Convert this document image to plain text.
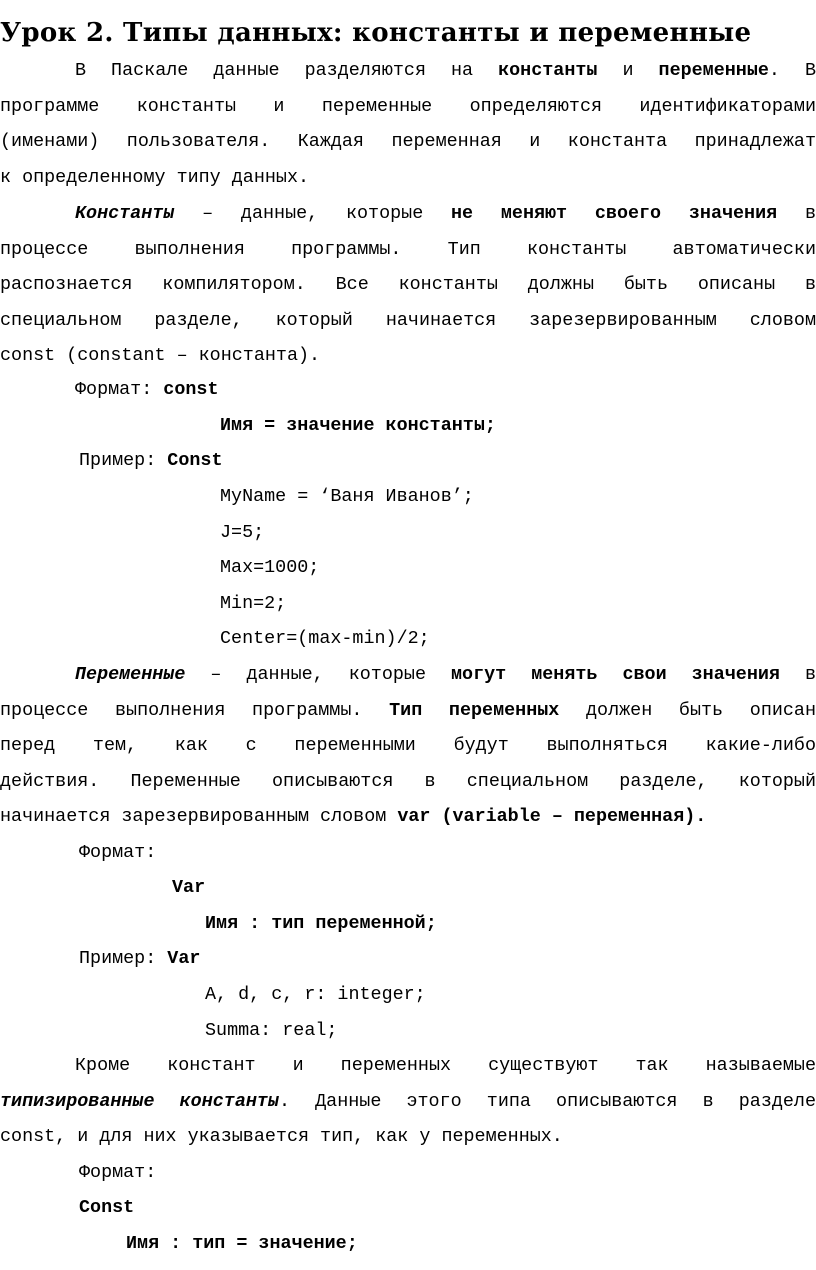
Урок 2. Типы данных: константы и переменные
В Паскале данные разделяются на константы и переменные. В
программе константы и переменные определяются идентификаторами
(именами) пользователя. Каждая переменная и константа принадлежат
к определенному типу данных.
Константы – данные, которые не меняют своего значения в
процессе выполнения программы. Тип константы автоматически
распознается компилятором. Все константы должны быть описаны в
специальном разделе, который начинается зарезервированным словом
const (constant – константа).
Формат: const
Имя = значение константы;
Пример: Const
MyName = ‘Ваня Иванов’;
J=5;
Max=1000;
Min=2;
Center=(max-min)/2;
Переменные – данные, которые могут менять свои значения в
процессе выполнения программы. Тип переменных должен быть описан
перед тем, как с переменными будут выполняться какие-либо
действия. Переменные описываются в специальном разделе, который
начинается зарезервированным словом var (variable – переменная).
Формат:
Var
Имя : тип переменной;
Пример: Var
A, d, c, r: integer;
Summa: real;
Кроме констант и переменных существуют так называемые
типизированные константы. Данные этого типа описываются в разделе
const, и для них указывается тип, как у переменных.
Формат:
Const
Имя : тип = значение;
